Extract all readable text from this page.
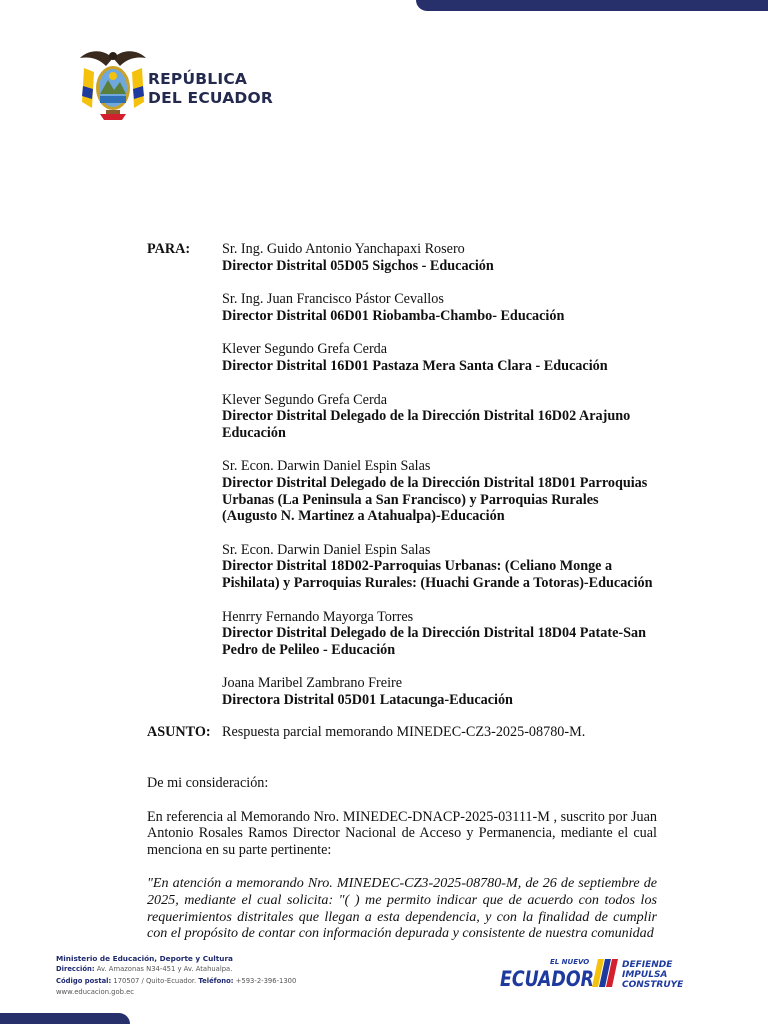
REPÚBLICA
DEL ECUADOR
PARA:	Sr. Ing. Guido Antonio Yanchapaxi Rosero
Director Distrital 05D05 Sigchos - Educación
Sr. Ing. Juan Francisco Pástor Cevallos
Director Distrital 06D01 Riobamba-Chambo- Educación
Klever Segundo Grefa Cerda
Director Distrital 16D01 Pastaza Mera Santa Clara - Educación
Klever Segundo Grefa Cerda
Director Distrital Delegado de la Dirección Distrital 16D02 Arajuno Educación
Sr. Econ. Darwin Daniel Espin Salas
Director Distrital Delegado de la Dirección Distrital 18D01 Parroquias Urbanas (La Peninsula a San Francisco) y Parroquias Rurales (Augusto N. Martinez a Atahualpa)-Educación
Sr. Econ. Darwin Daniel Espin Salas
Director Distrital 18D02-Parroquias Urbanas: (Celiano Monge a Pishilata) y Parroquias Rurales: (Huachi Grande a Totoras)-Educación
Henrry Fernando Mayorga Torres
Director Distrital Delegado de la Dirección Distrital 18D04 Patate-San Pedro de Pelileo - Educación
Joana Maribel Zambrano Freire
Directora Distrital 05D01 Latacunga-Educación
ASUNTO: Respuesta parcial memorando MINEDEC-CZ3-2025-08780-M.
De mi consideración:
En referencia al Memorando Nro. MINEDEC-DNACP-2025-03111-M , suscrito por Juan Antonio Rosales Ramos Director Nacional de Acceso y Permanencia, mediante el cual menciona en su parte pertinente:
"En atención a memorando Nro. MINEDEC-CZ3-2025-08780-M, de 26 de septiembre de 2025, mediante el cual solicita: "( ) me permito indicar que de acuerdo con todos los requerimientos distritales que llegan a esta dependencia, y con la finalidad de cumplir con el propósito de contar con información depurada y consistente de nuestra comunidad
Ministerio de Educación, Deporte y Cultura
Dirección: Av. Amazonas N34-451 y Av. Atahualpa.
Código postal: 170507 / Quito-Ecuador. Teléfono: +593-2-396-1300
www.educacion.gob.ec
EL NUEVO
ECUADOR
DEFIENDE
IMPULSA
CONSTRUYE
